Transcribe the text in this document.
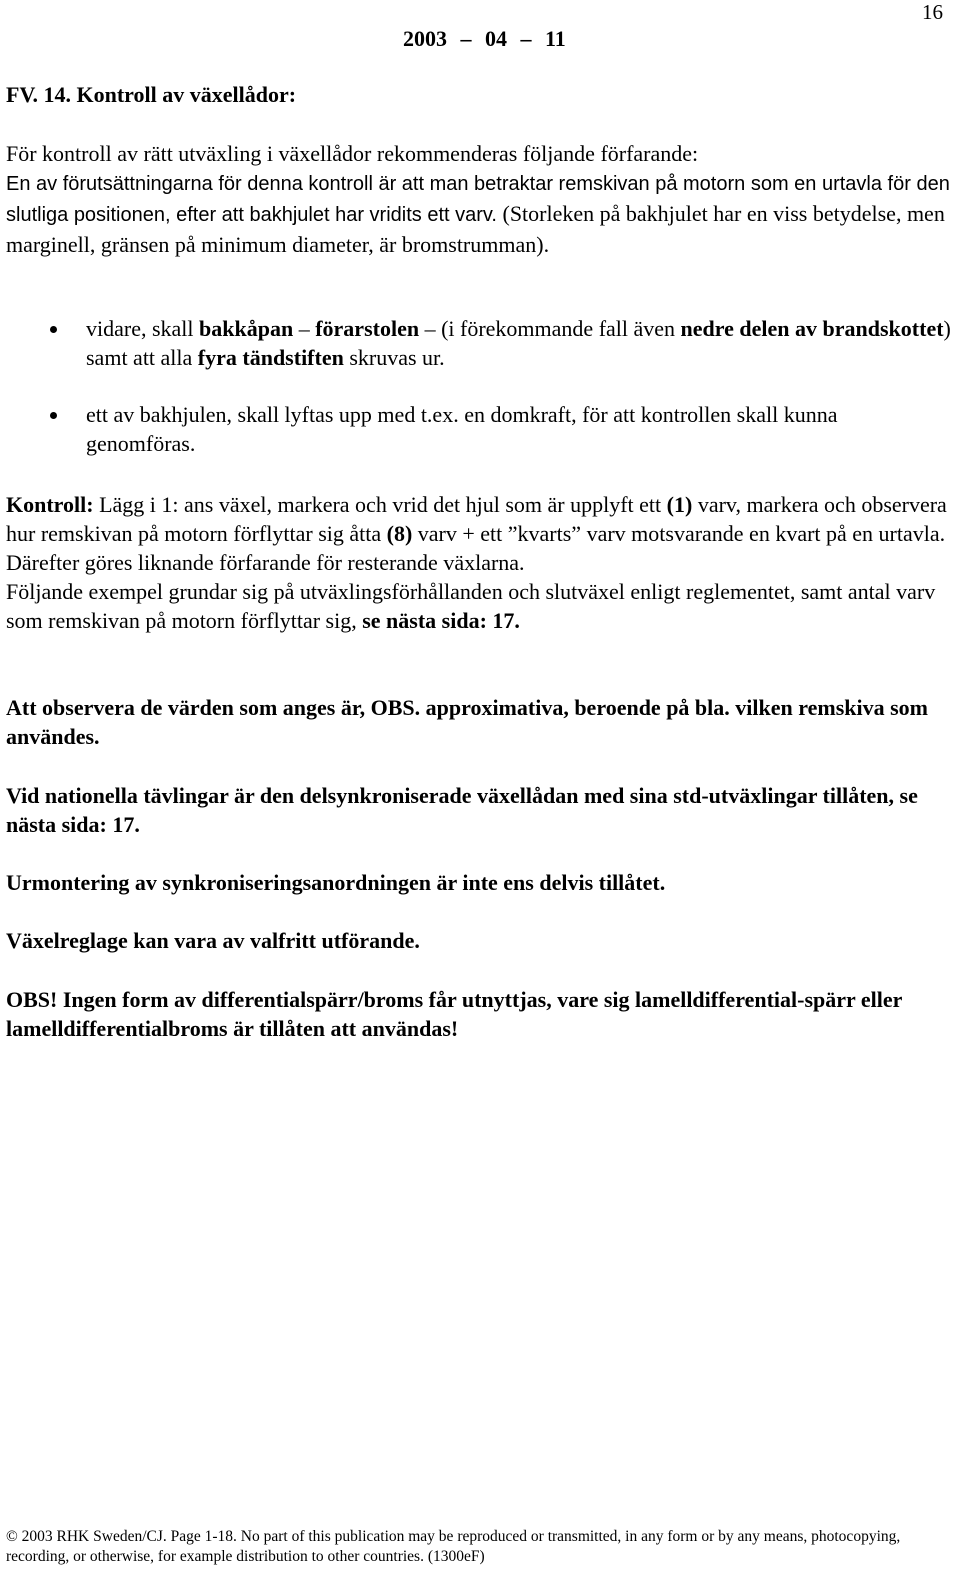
16
2003 – 04 – 11
FV. 14. Kontroll av växellådor:

För kontroll av rätt utväxling i växellådor rekommenderas följande förfarande:
En av förutsättningarna för denna kontroll är att man betraktar remskivan på motorn som en urtavla för den slutliga positionen, efter att bakhjulet har vridits ett varv. (Storleken på bakhjulet har en viss betydelse, men marginell, gränsen på minimum diameter, är bromstrumman).

vidare, skall bakkåpan – förarstolen – (i förekommande fall även nedre delen av brandskottet) samt att alla fyra tändstiften skruvas ur.
ett av bakhjulen, skall lyftas upp med t.ex. en domkraft, för att kontrollen skall kunna genomföras.

Kontroll: Lägg i 1: ans växel, markera och vrid det hjul som är upplyft ett (1) varv, markera och observera hur remskivan på motorn förflyttar sig åtta (8) varv + ett ”kvarts” varv motsvarande en kvart på en urtavla.
Därefter göres liknande förfarande för resterande växlarna.
Följande exempel grundar sig på utväxlingsförhållanden och slutväxel enligt reglementet, samt antal varv som remskivan på motorn förflyttar sig, se nästa sida: 17.

Att observera de värden som anges är, OBS. approximativa, beroende på bla. vilken remskiva som användes.

Vid nationella tävlingar är den delsynkroniserade växellådan med sina std-utväxlingar tillåten, se nästa sida: 17.

Urmontering av synkroniseringsanordningen är inte ens delvis tillåtet.

Växelreglage kan vara av valfritt utförande.

OBS! Ingen form av differentialspärr/broms får utnyttjas, vare sig lamelldifferential-spärr eller lamelldifferentialbroms är tillåten att användas!

© 2003 RHK Sweden/CJ. Page 1-18. No part of this publication may be reproduced or transmitted, in any form or by any means, photocopying, recording, or otherwise, for example distribution to other countries. (1300eF)
